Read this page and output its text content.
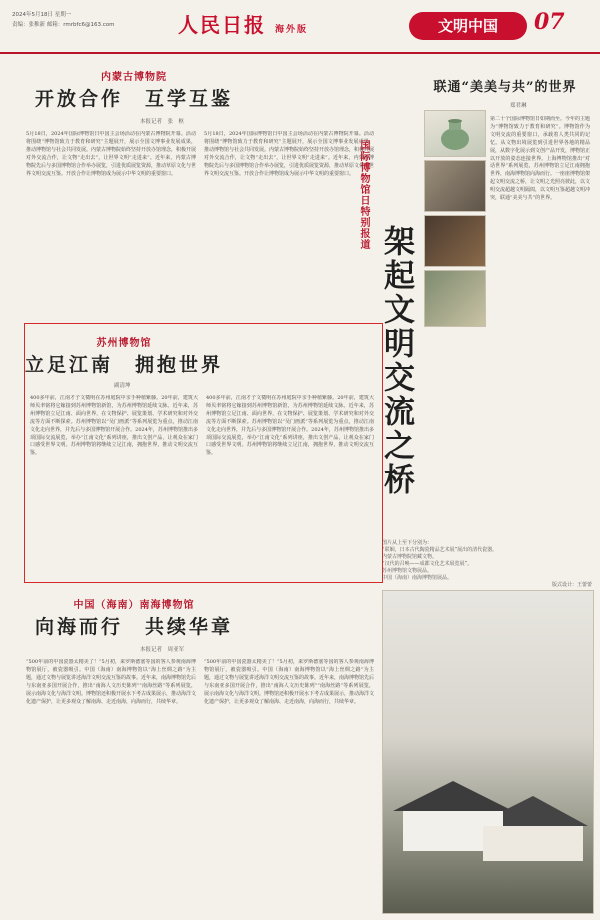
2024年5月18日 星期一
责编：张稚新 邮箱：rmrbfc6@163.com	人民日报 海外版	文明中国	07
内蒙古博物院
开放合作　互学互鉴
本报记者　张　枢
5月18日，2024年国际博物馆日中国主会场活动在内蒙古博物院开幕。活动将围绕“博物馆致力于教育和研究”主题展开，展示全国文博事业发展成果，推动博物馆与社会共同发展。内蒙古博物院始终坚持开放办馆理念，积极开展对外交流合作，让文物“走出去”，让世界文明“走进来”。近年来，内蒙古博物院先后与多国博物馆合作举办展览，引进优质展览资源，推动草原文化与世界文明交流互鉴。开放合作让博物馆成为展示中华文明的重要窗口。
5月18日，2024年国际博物馆日中国主会场活动在内蒙古博物院开幕。活动将围绕“博物馆致力于教育和研究”主题展开，展示全国文博事业发展成果，推动博物馆与社会共同发展。内蒙古博物院始终坚持开放办馆理念，积极开展对外交流合作，让文物“走出去”，让世界文明“走进来”。近年来，内蒙古博物院先后与多国博物馆合作举办展览，引进优质展览资源，推动草原文化与世界文明交流互鉴。开放合作让博物馆成为展示中华文明的重要窗口。
苏州博物馆
立足江南　拥抱世界
副清坤
400多年前，江南才子文徵明在苏州庭院中亲手种植紫藤。20年前，建筑大师贝聿铭将它嫁接到苏州博物馆新馆，为苏州博物馆延续文脉。近年来，苏州博物馆立足江南、面向世界，在文物保护、展览策划、学术研究和对外交流等方面不断探索。苏州博物馆以“吴门画派”等系列展览为重点，推动江南文化走向世界，并先后与多国博物馆开展合作。2024年，苏州博物馆推出多项国际交流展览，举办“江南文化”系列讲座，推出文创产品，让观众在家门口感受世界文明。苏州博物馆将继续立足江南，拥抱世界，推动文明交流互鉴。
400多年前，江南才子文徵明在苏州庭院中亲手种植紫藤。20年前，建筑大师贝聿铭将它嫁接到苏州博物馆新馆，为苏州博物馆延续文脉。近年来，苏州博物馆立足江南、面向世界，在文物保护、展览策划、学术研究和对外交流等方面不断探索。苏州博物馆以“吴门画派”等系列展览为重点，推动江南文化走向世界，并先后与多国博物馆开展合作。2024年，苏州博物馆推出多项国际交流展览，举办“江南文化”系列讲座，推出文创产品，让观众在家门口感受世界文明。苏州博物馆将继续立足江南，拥抱世界，推动文明交流互鉴。
中国（海南）南海博物馆
向海而行　共续华章
本报记者　周亚军
“500年前的中国瓷器太精美了！”5月初，来罗斯德塞等国的客人参观南海博物馆展厅，被瓷器吸引。中国（海南）南海博物馆以“海上丝绸之路”为主题，通过文物与展览讲述海洋文明交流互鉴的故事。近年来，南海博物馆先后与东南亚多国开展合作，推出“南海人文历史陈列”“南海丝路”等系列展览，展示南海文化与海洋文明。博物馆还积极开展水下考古成果展示，推动海洋文化遗产保护，让更多观众了解南海、走近南海，向海而行，共续华章。
“500年前的中国瓷器太精美了！”5月初，来罗斯德塞等国的客人参观南海博物馆展厅，被瓷器吸引。中国（海南）南海博物馆以“海上丝绸之路”为主题，通过文物与展览讲述海洋文明交流互鉴的故事。近年来，南海博物馆先后与东南亚多国开展合作，推出“南海人文历史陈列”“南海丝路”等系列展览，展示南海文化与海洋文明。博物馆还积极开展水下考古成果展示，推动海洋文化遗产保护，让更多观众了解南海、走近南海，向海而行，共续华章。
国际博物馆日特别报道
架起文明交流之桥
联通“美美与共”的世界
郑君琳
第二十个国际博物馆日如期而至。今年的主题为“博物馆致力于教育和研究”。博物馆作为文明交流的重要窗口，承载着人类共同的记忆。从文物出境展览到引进世界各地的精品展，从数字化展示到文创产品开发，博物馆正以开放的姿态连接世界。上海博物馆推出“对话世界”系列展览，苏州博物馆立足江南拥抱世界，南海博物馆向海而行。一座座博物馆架起文明交流之桥，让文明之光照亮彼此，以文明交流超越文明隔阂，以文明互鉴超越文明冲突，联通“美美与共”的世界。
图片从上至下分别为：
“联姻，日本古代陶瓷精品艺术展”展出的清代瓷器。
内蒙古博物院馆藏文物。
“汉代的召唤——成都文化艺术展览展”。
苏州博物馆文物展品。
中国（海南）南海博物馆展品。
版式设计：王蕾蕾
